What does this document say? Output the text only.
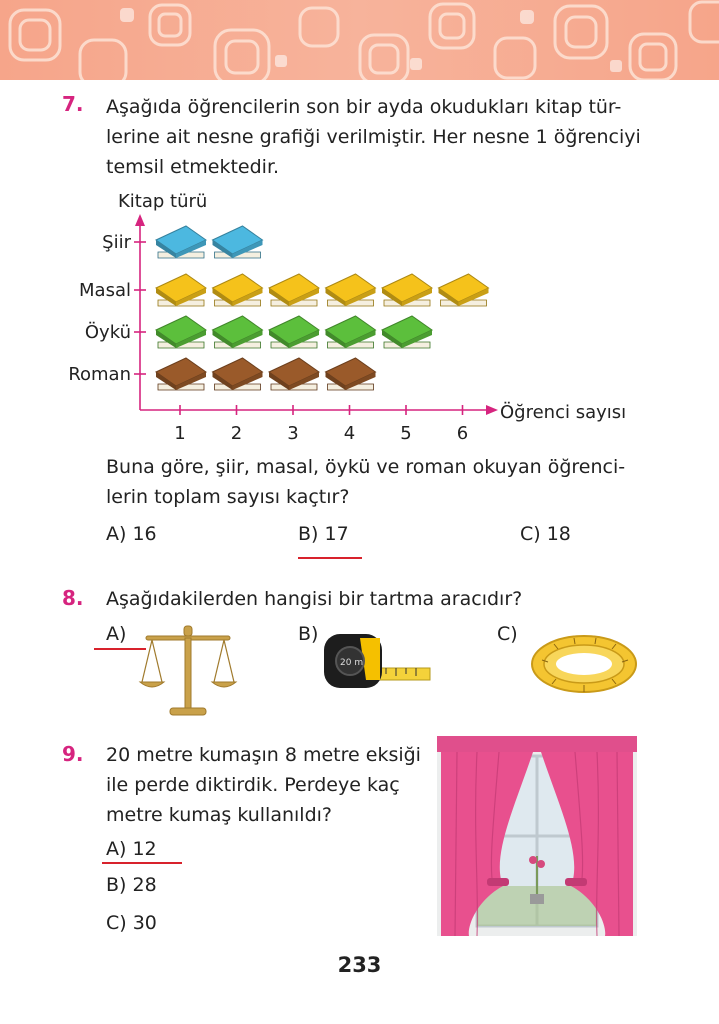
7. Aşağıda öğrencilerin son bir ayda okudukları kitap tür-
lerine ait nesne grafiği verilmiştir. Her nesne 1 öğrenciyi
temsil etmektedir.
Kitap türü
Öğrenci sayısı
1	2	3	4	5	6
Şiir
Masal
Öykü
Roman
Buna göre, şiir, masal, öykü ve roman okuyan öğrenci-
lerin toplam sayısı kaçtır?
A) 16	B) 17	C) 18
8. Aşağıdakilerden hangisi bir tartma aracıdır?
A)	B)	C)
20 m
9. 20 metre kumaşın 8 metre eksiği
ile perde diktirdik. Perdeye kaç
metre kumaş kullanıldı?
A) 12
B) 28
C) 30
233
